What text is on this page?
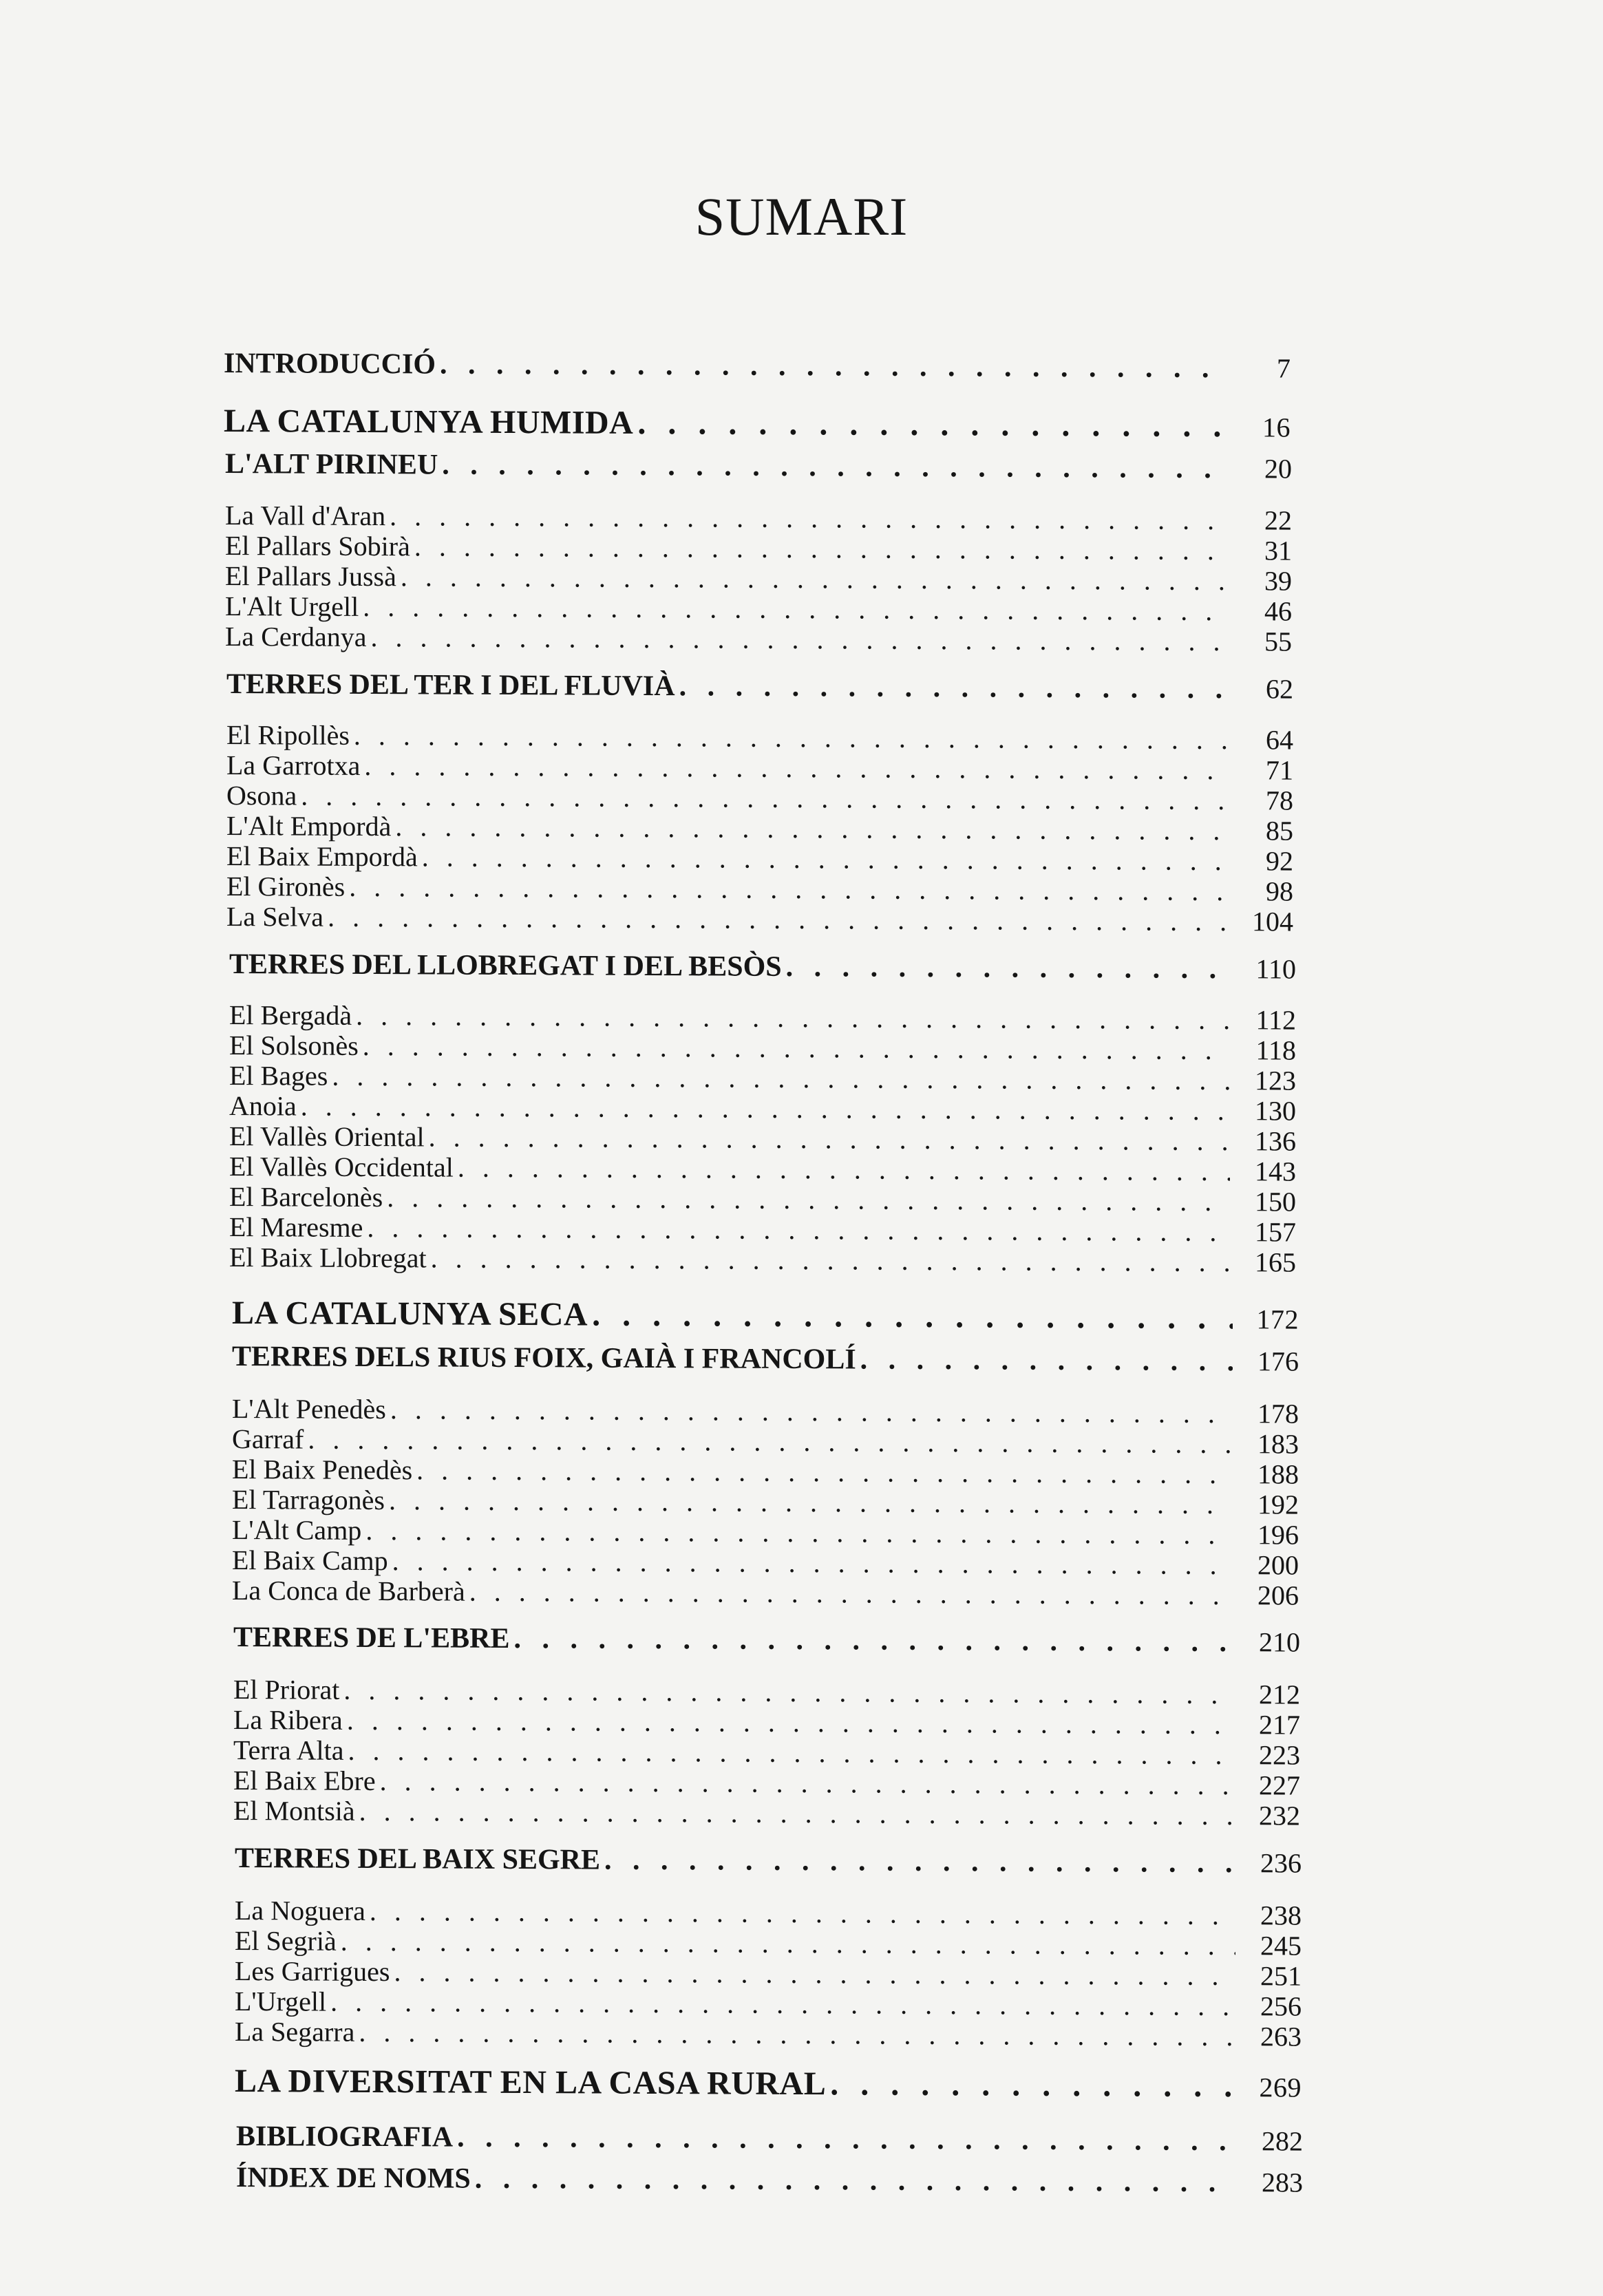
SUMARI
INTRODUCCIÓ . . .	7
LA CATALUNYA HUMIDA . . .	16
L'ALT PIRINEU . . .	20
La Vall d'Aran . . .	22
El Pallars Sobirà . . .	31
El Pallars Jussà . . .	39
L'Alt Urgell . . .	46
La Cerdanya . . .	55
TERRES DEL TER I DEL FLUVIÀ . . .	62
El Ripollès . . .	64
La Garrotxa . . .	71
Osona . . .	78
L'Alt Empordà . . .	85
El Baix Empordà . . .	92
El Gironès . . .	98
La Selva . . .	104
TERRES DEL LLOBREGAT I DEL BESÒS . . .	110
El Bergadà . . .	112
El Solsonès . . .	118
El Bages . . .	123
Anoia . . .	130
El Vallès Oriental . . .	136
El Vallès Occidental . . .	143
El Barcelonès . . .	150
El Maresme . . .	157
El Baix Llobregat . . .	165
LA CATALUNYA SECA . . .	172
TERRES DELS RIUS FOIX, GAIÀ I FRANCOLÍ . . .	176
L'Alt Penedès . . .	178
Garraf . . .	183
El Baix Penedès . . .	188
El Tarragonès . . .	192
L'Alt Camp . . .	196
El Baix Camp . . .	200
La Conca de Barberà . . .	206
TERRES DE L'EBRE . . .	210
El Priorat . . .	212
La Ribera . . .	217
Terra Alta . . .	223
El Baix Ebre . . .	227
El Montsià . . .	232
TERRES DEL BAIX SEGRE . . .	236
La Noguera . . .	238
El Segrià . . .	245
Les Garrigues . . .	251
L'Urgell . . .	256
La Segarra . . .	263
LA DIVERSITAT EN LA CASA RURAL . . .	269
BIBLIOGRAFIA . . .	282
ÍNDEX DE NOMS . . .	283
